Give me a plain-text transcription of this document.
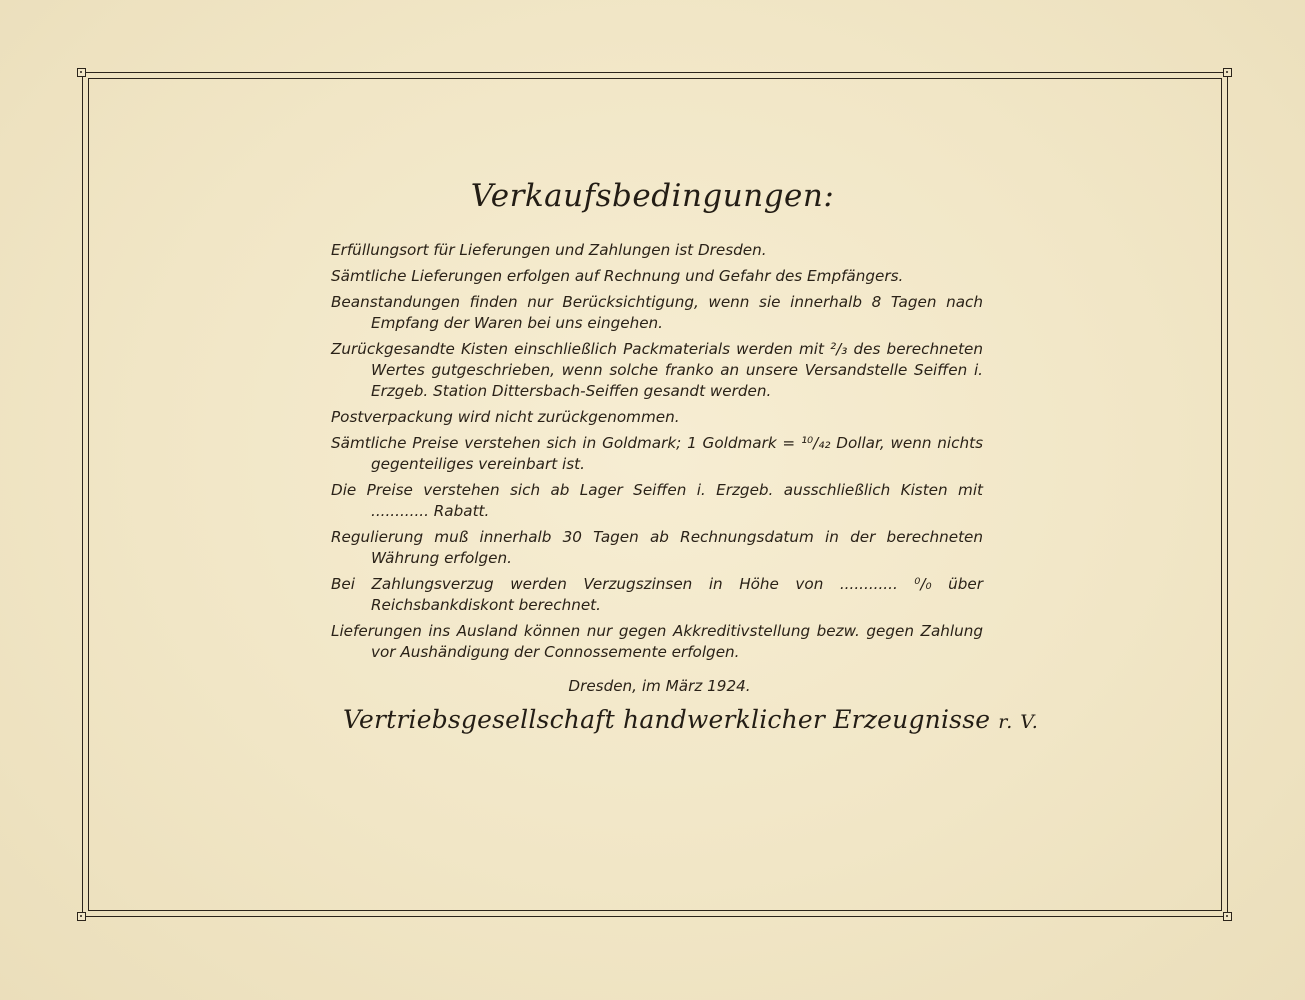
Verkaufsbedingungen:

Erfüllungsort für Lieferungen und Zahlungen ist Dresden.

Sämtliche Lieferungen erfolgen auf Rechnung und Gefahr des Empfängers.

Beanstandungen finden nur Berücksichtigung, wenn sie innerhalb 8 Tagen nach Empfang der Waren bei uns eingehen.

Zurückgesandte Kisten einschließlich Packmaterials werden mit ²/₃ des berechneten Wertes gutgeschrieben, wenn solche franko an unsere Versandstelle Seiffen i. Erzgeb. Station Dittersbach-Seiffen gesandt werden.

Postverpackung wird nicht zurückgenommen.

Sämtliche Preise verstehen sich in Goldmark; 1 Goldmark = ¹⁰/₄₂ Dollar, wenn nichts gegenteiliges vereinbart ist.

Die Preise verstehen sich ab Lager Seiffen i. Erzgeb. ausschließlich Kisten mit ............ Rabatt.

Regulierung muß innerhalb 30 Tagen ab Rechnungsdatum in der berechneten Währung erfolgen.

Bei Zahlungsverzug werden Verzugszinsen in Höhe von ............ ⁰/₀ über Reichsbankdiskont berechnet.

Lieferungen ins Ausland können nur gegen Akkreditivstellung bezw. gegen Zahlung vor Aushändigung der Connossemente erfolgen.

Dresden, im März 1924.
Vertriebsgesellschaft handwerklicher Erzeugnisse r. V.
